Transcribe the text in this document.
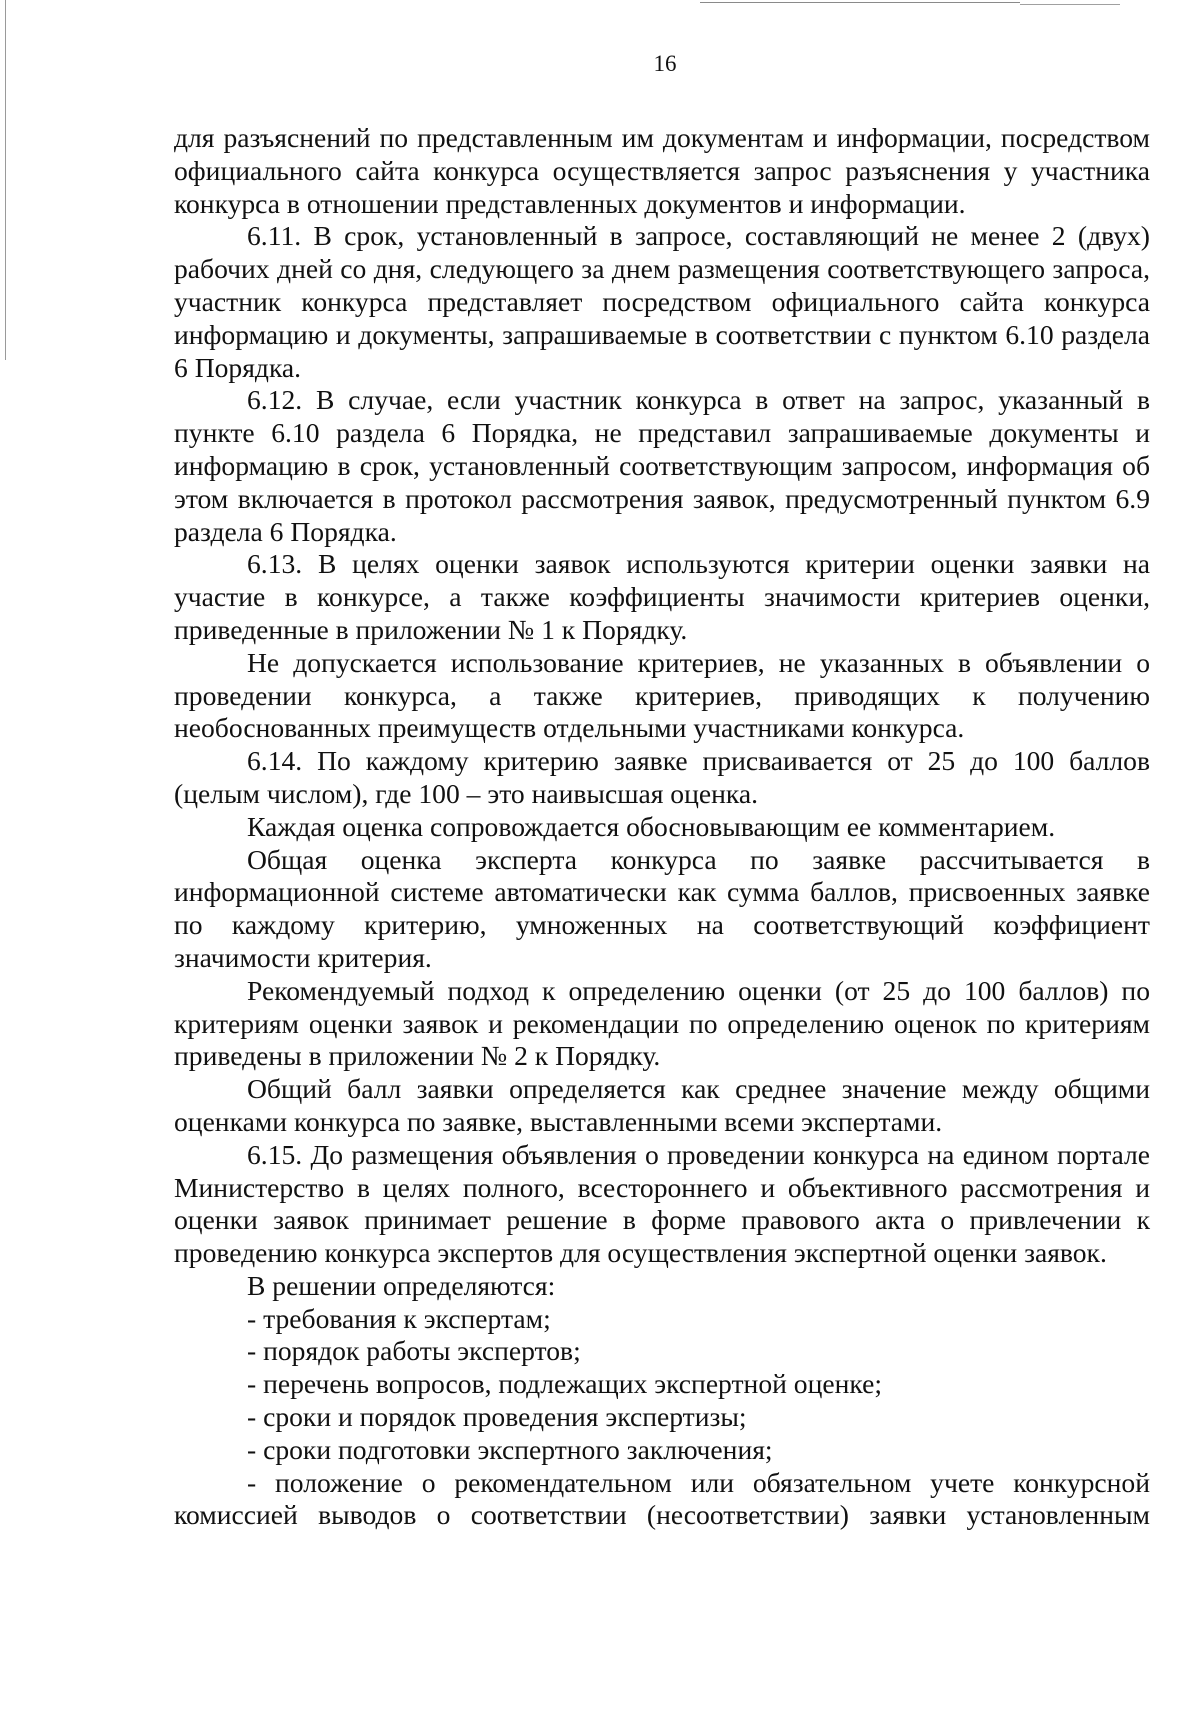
16

для разъяснений по представленным им документам и информации, посредством официального сайта конкурса осуществляется запрос разъяснения у участника конкурса в отношении представленных документов и информации.

6.11. В срок, установленный в запросе, составляющий не менее 2 (двух) рабочих дней со дня, следующего за днем размещения соответствующего запроса, участник конкурса представляет посредством официального сайта конкурса информацию и документы, запрашиваемые в соответствии с пунктом 6.10 раздела 6 Порядка.

6.12. В случае, если участник конкурса в ответ на запрос, указанный в пункте 6.10 раздела 6 Порядка, не представил запрашиваемые документы и информацию в срок, установленный соответствующим запросом, информация об этом включается в протокол рассмотрения заявок, предусмотренный пунктом 6.9 раздела 6 Порядка.

6.13. В целях оценки заявок используются критерии оценки заявки на участие в конкурсе, а также коэффициенты значимости критериев оценки, приведенные в приложении № 1 к Порядку.

Не допускается использование критериев, не указанных в объявлении о проведении конкурса, а также критериев, приводящих к получению необоснованных преимуществ отдельными участниками конкурса.

6.14. По каждому критерию заявке присваивается от 25 до 100 баллов (целым числом), где 100 – это наивысшая оценка.

Каждая оценка сопровождается обосновывающим ее комментарием.

Общая оценка эксперта конкурса по заявке рассчитывается в информационной системе автоматически как сумма баллов, присвоенных заявке по каждому критерию, умноженных на соответствующий коэффициент значимости критерия.

Рекомендуемый подход к определению оценки (от 25 до 100 баллов) по критериям оценки заявок и рекомендации по определению оценок по критериям приведены в приложении № 2 к Порядку.

Общий балл заявки определяется как среднее значение между общими оценками конкурса по заявке, выставленными всеми экспертами.

6.15. До размещения объявления о проведении конкурса на едином портале Министерство в целях полного, всестороннего и объективного рассмотрения и оценки заявок принимает решение в форме правового акта о привлечении к проведению конкурса экспертов для осуществления экспертной оценки заявок.

В решении определяются:

- требования к экспертам;

- порядок работы экспертов;

- перечень вопросов, подлежащих экспертной оценке;

- сроки и порядок проведения экспертизы;

- сроки подготовки экспертного заключения;

- положение о рекомендательном или обязательном учете конкурсной комиссией выводов о соответствии (несоответствии) заявки установленным
